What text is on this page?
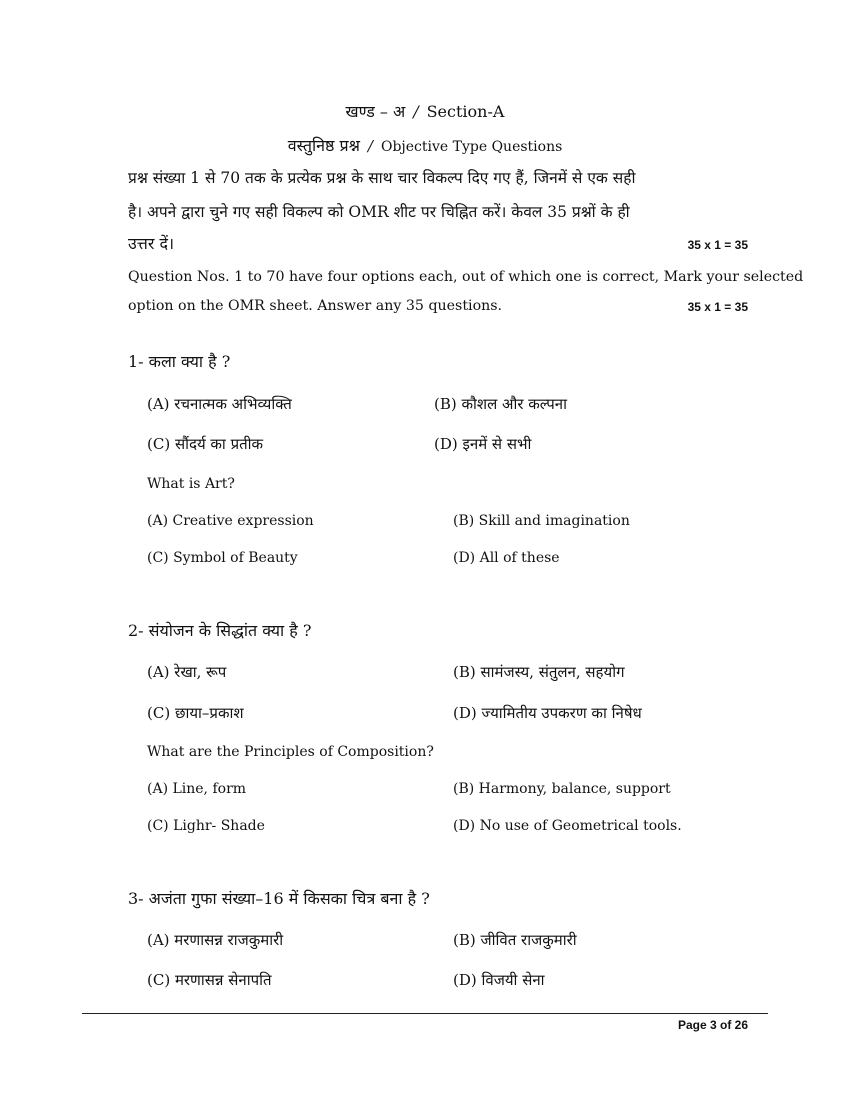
खण्ड – अ / Section-A
वस्तुनिष्ठ प्रश्न / Objective Type Questions
प्रश्न संख्या 1 से 70 तक के प्रत्येक प्रश्न के साथ चार विकल्प दिए गए हैं, जिनमें से एक सही
है। अपने द्वारा चुने गए सही विकल्प को OMR शीट पर चिह्नित करें। केवल 35 प्रश्नों के ही
उत्तर दें।	35 x 1 = 35
Question Nos. 1 to 70 have four options each, out of which one is correct, Mark your selected
option on the OMR sheet. Answer any 35 questions.	35 x 1 = 35
1- कला क्या है ?
(A) रचनात्मक अभिव्यक्ति	(B) कौशल और कल्पना
(C) सौंदर्य का प्रतीक	(D) इनमें से सभी
What is Art?
(A) Creative expression	(B) Skill and imagination
(C) Symbol of Beauty	(D) All of these
2- संयोजन के सिद्धांत क्या है ?
(A) रेखा, रूप	(B) सामंजस्य, संतुलन, सहयोग
(C) छाया–प्रकाश	(D) ज्यामितीय उपकरण का निषेध
What are the Principles of Composition?
(A) Line, form	(B) Harmony, balance, support
(C) Lighr- Shade	(D) No use of Geometrical tools.
3- अजंता गुफा संख्या–16 में किसका चित्र बना है ?
(A) मरणासन्न राजकुमारी	(B) जीवित राजकुमारी
(C) मरणासन्न सेनापति	(D) विजयी सेना
Page 3 of 26
